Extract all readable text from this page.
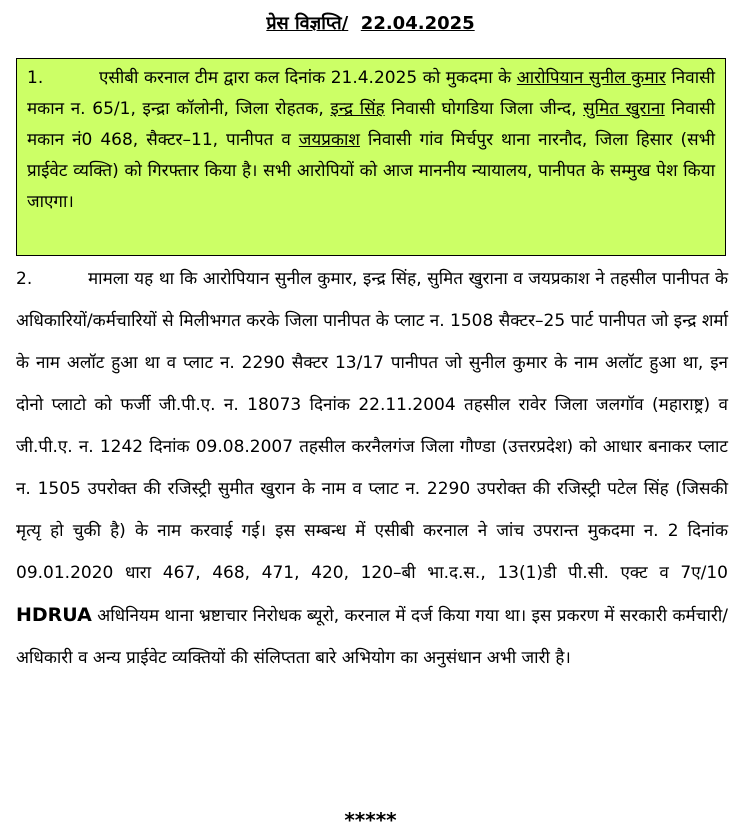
प्रेस विज्ञप्ति/ 22.04.2025
1.	एसीबी करनाल टीम द्वारा कल दिनांक 21.4.2025 को मुकदमा के आरोपियान सुनील कुमार निवासी मकान न. 65/1, इन्द्रा कॉलोनी, जिला रोहतक, इन्द्र सिंह निवासी घोगडिया जिला जीन्द, सुमित खुराना निवासी मकान नं0 468, सैक्टर–11, पानीपत व जयप्रकाश निवासी गांव मिर्चपुर थाना नारनौद, जिला हिसार (सभी प्राईवेट व्यक्ति) को गिरफ्तार किया है। सभी आरोपियों को आज माननीय न्यायालय, पानीपत के सम्मुख पेश किया जाएगा।
2.	मामला यह था कि आरोपियान सुनील कुमार, इन्द्र सिंह, सुमित खुराना व जयप्रकाश ने तहसील पानीपत के अधिकारियों/कर्मचारियों से मिलीभगत करके जिला पानीपत के प्लाट न. 1508 सैक्टर–25 पार्ट पानीपत जो इन्द्र शर्मा के नाम अलॉट हुआ था व प्लाट न. 2290 सैक्टर 13/17 पानीपत जो सुनील कुमार के नाम अलॉट हुआ था, इन दोनो प्लाटो को फर्जी जी.पी.ए. न. 18073 दिनांक 22.11.2004 तहसील रावेर जिला जलगॉव (महाराष्ट्र) व जी.पी.ए. न. 1242 दिनांक 09.08.2007 तहसील करनैलगंज जिला गौण्डा (उत्तरप्रदेश) को आधार बनाकर प्लाट न. 1505 उपरोक्त की रजिस्ट्री सुमीत खुरान के नाम व प्लाट न. 2290 उपरोक्त की रजिस्ट्री पटेल सिंह (जिसकी मृत्यृ हो चुकी है) के नाम करवाई गई। इस सम्बन्ध में एसीबी करनाल ने जांच उपरान्त मुकदमा न. 2 दिनांक 09.01.2020 धारा 467, 468, 471, 420, 120–बी भा.द.स., 13(1)डी पी.सी. एक्ट व 7ए/10 HDRUA अधिनियम थाना भ्रष्टाचार निरोधक ब्यूरो, करनाल में दर्ज किया गया था। इस प्रकरण में सरकारी कर्मचारी/अधिकारी व अन्य प्राईवेट व्यक्तियों की संलिप्तता बारे अभियोग का अनुसंधान अभी जारी है।
*****
